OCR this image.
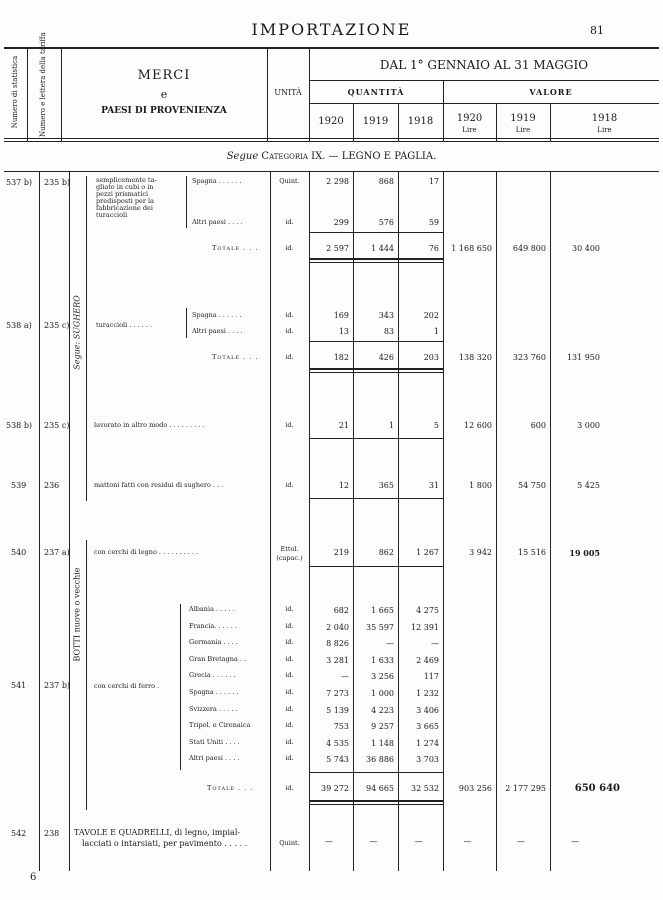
IMPORTAZIONE	81
Numero di statistica	Numero e lettera della tariffa	MERCI
e
PAESI DI PROVENIENZA
UNITÀ
DAL 1° GENNAIO AL 31 MAGGIO
QUANTITÀ	VALORE
1920	1919	1918	1920	1919	1918
Lire	Lire	Lire
Segue Categoria IX. — LEGNO E PAGLIA.
Segue: SUGHERO
BOTTI nuove o vecchie
537 b) 235 b)	semplicemente ta-
gliato in cubi o in
pezzi prismatici
predisposti per la
fabbricazione dei
turaccioli
Spagna . . . . . .	Quint.	2 298	868	17
Altri paesi . . . .	id.	299	576	59
Totale . . .	id.	2 597	1 444	76	1 168 650	649 800	30 400
538 a) 235 c)	turaccioli . . . . . .
Spagna . . . . . .	id.	169	343	202
Altri paesi . . . .	id.	13	83	1
Totale . . .	id.	182	426	203	138 320	323 760	131 950
538 b) 235 c)	lavorato in altro modo . . . . . . . . .	id.	21	1	5	12 600	600	3 000
539 236	mattoni fatti con residui di sughero . . .	id.	12	365	31	1 800	54 750	5 425
540 237 a)	con cerchi di legno . . . . . . . . . .	Ettol.
(capac.)
219	862	1 267	3 942	15 516	19 005
541 237 b)	con cerchi di ferro .
Albania . . . . .	id.	682	1 665	4 275
Francia. . . . . .	id.	2 040	35 597	12 391
Germania . . . .	id.	8 826	—	—
Gran Bretagna . .	id.	3 281	1 633	2 469
Grecia . . . . . .	id.	—	3 256	117
Spagna . . . . . .	id.	7 273	1 000	1 232
Svizzera . . . . .	id.	5 139	4 223	3 406
Tripol. e Cirenaica	id.	753	9 257	3 665
Stati Uniti . . . .	id.	4 535	1 148	1 274
Altri paesi . . . .	id.	5 743	36 886	3 703
Totale . . .	id.	39 272	94 665	32 532	903 256	2 177 295	650 640
542 238 TAVOLE E QUADRELLI, di legno, impial-
lacciati o intarsiati, per pavimento . . . . .	Quint.	—	—	—	—	—	—
6
